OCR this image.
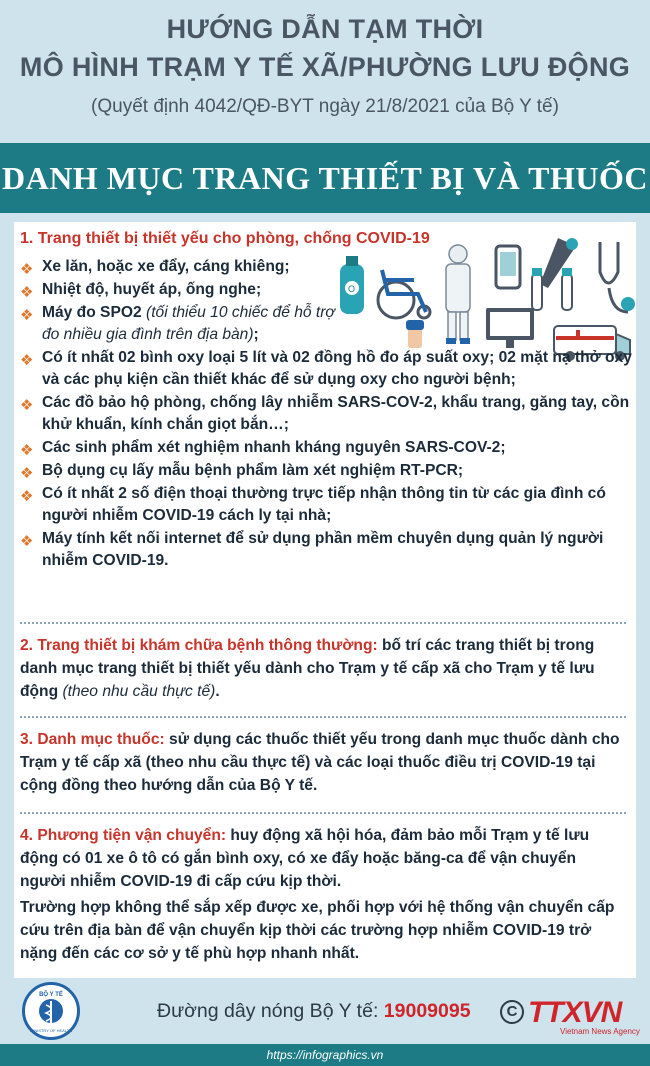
HƯỚNG DẪN TẠM THỜI
MÔ HÌNH TRẠM Y TẾ XÃ/PHƯỜNG LƯU ĐỘNG
(Quyết định 4042/QĐ-BYT ngày 21/8/2021 của Bộ Y tế)
DANH MỤC TRANG THIẾT BỊ VÀ THUỐC
O
1. Trang thiết bị thiết yếu cho phòng, chống COVID-19
❖ Xe lăn, hoặc xe đẩy, cáng khiêng;
❖ Nhiệt độ, huyết áp, ống nghe;
❖ Máy đo SPO2 (tối thiểu 10 chiếc để hỗ trợ đo nhiều gia đình trên địa bàn);
❖ Có ít nhất 02 bình oxy loại 5 lít và 02 đồng hồ đo áp suất oxy; 02 mặt nạ thở oxy và các phụ kiện cần thiết khác để sử dụng oxy cho người bệnh;
❖ Các đồ bảo hộ phòng, chống lây nhiễm SARS-COV-2, khẩu trang, găng tay, cồn khử khuẩn, kính chắn giọt bắn…;
❖ Các sinh phẩm xét nghiệm nhanh kháng nguyên SARS-COV-2;
❖ Bộ dụng cụ lấy mẫu bệnh phẩm làm xét nghiệm RT-PCR;
❖ Có ít nhất 2 số điện thoại thường trực tiếp nhận thông tin từ các gia đình có người nhiễm COVID-19 cách ly tại nhà;
❖ Máy tính kết nối internet để sử dụng phần mềm chuyên dụng quản lý người nhiễm COVID-19.
2. Trang thiết bị khám chữa bệnh thông thường: bố trí các trang thiết bị trong danh mục trang thiết bị thiết yếu dành cho Trạm y tế cấp xã cho Trạm y tế lưu động (theo nhu cầu thực tế).
3. Danh mục thuốc: sử dụng các thuốc thiết yếu trong danh mục thuốc dành cho Trạm y tế cấp xã (theo nhu cầu thực tế) và các loại thuốc điều trị COVID-19 tại cộng đồng theo hướng dẫn của Bộ Y tế.
4. Phương tiện vận chuyển: huy động xã hội hóa, đảm bảo mỗi Trạm y tế lưu động có 01 xe ô tô có gắn bình oxy, có xe đẩy hoặc băng-ca để vận chuyển người nhiễm COVID-19 đi cấp cứu kịp thời.
Trường hợp không thể sắp xếp được xe, phối hợp với hệ thống vận chuyển cấp cứu trên địa bàn để vận chuyển kịp thời các trường hợp nhiễm COVID-19 trở nặng đến các cơ sở y tế phù hợp nhanh nhất.
BỘ Y TẾ
MINISTRY OF HEALTH
Đường dây nóng Bộ Y tế: 19009095	C TTXVN
Vietnam News Agency
https://infographics.vn
